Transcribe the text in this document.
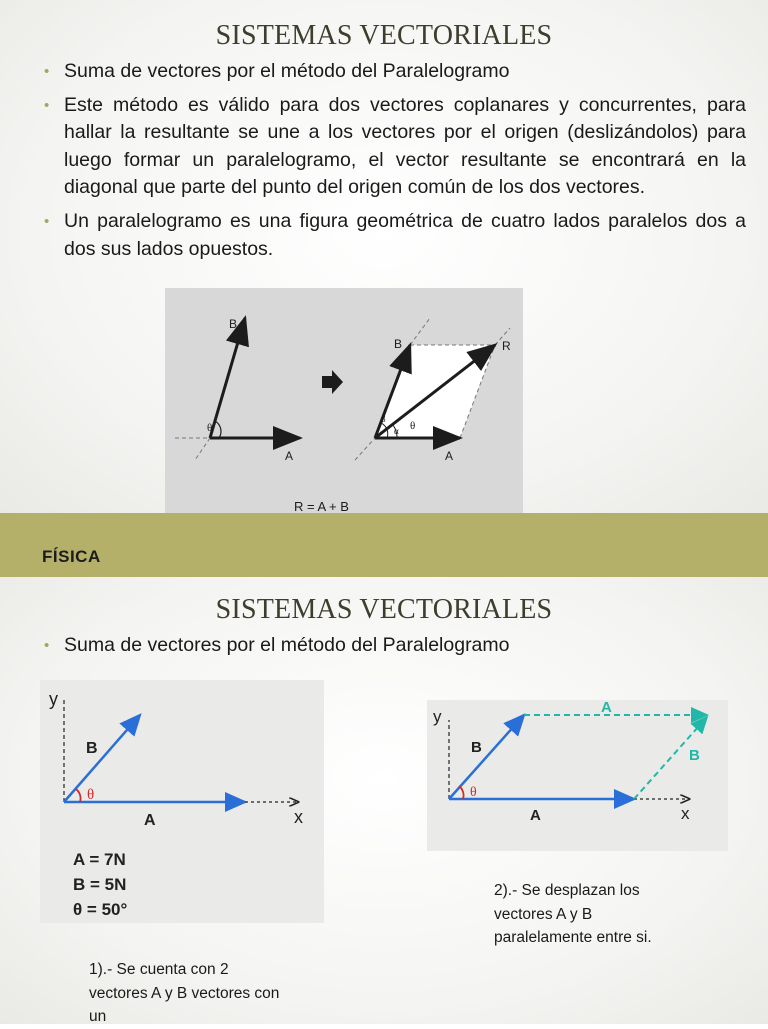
SISTEMAS VECTORIALES
• Suma de vectores por el método del Paralelogramo
• Este método es válido para dos vectores coplanares y concurrentes, para hallar la resultante se une a los vectores por el origen (deslizándolos) para luego formar un paralelogramo, el vector resultante se encontrará en la diagonal que parte del punto del origen común de los dos vectores.
• Un paralelogramo es una figura geométrica de cuatro lados paralelos dos a dos sus lados opuestos.
B
A
θ
B	R
A
θ
α
β
R = A + B
FÍSICA
SISTEMAS VECTORIALES
• Suma de vectores por el método del Paralelogramo
y
x
B
A
θ
A = 7N
B = 5N
θ = 50°
y
x
B
A
A
B
θ
1).- Se cuenta con 2 vectores A y B vectores con un
2).- Se desplazan los vectores A y B paralelamente entre si.
